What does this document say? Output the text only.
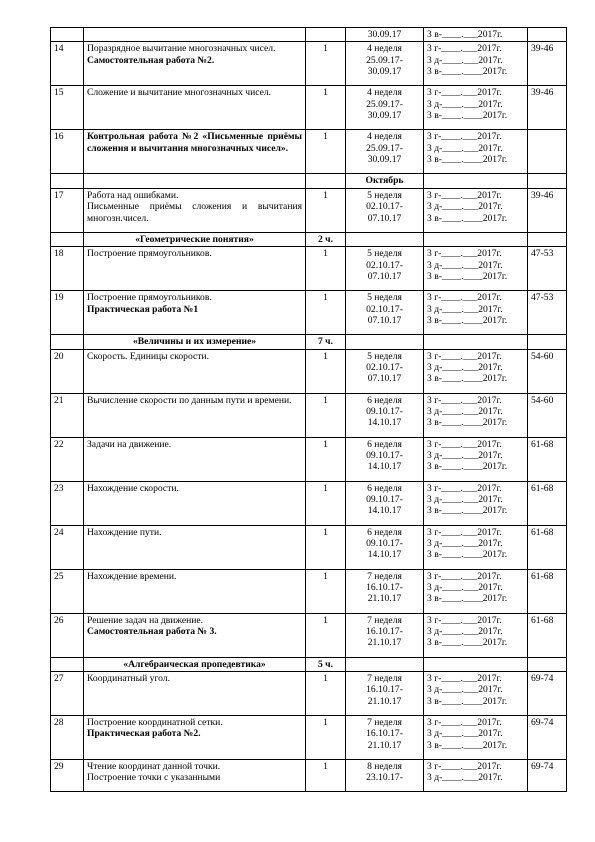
			30.09.17	3 в-____.___2017г.	

14	Поразрядное вычитание многозначных чисел.
Самостоятельная работа №2.	1	4 неделя
25.09.17-
30.09.17	3 г-____.___2017г.
3 д-____.___2017г.
3 в-____.____2017г.	39-46
15	Сложение и вычитание многозначных чисел.	1	4 неделя
25.09.17-
30.09.17	3 г-____.___2017г.
3 д-____.___2017г.
3 в-____.____2017г.	39-46
16	Контрольная работа №2 «Письменные приёмы сложения и вычитания многозначных чисел».	1	4 неделя
25.09.17-
30.09.17	3 г-____.___2017г.
3 д-____.___2017г.
3 в-____.____2017г.	

			Октябрь		

17	Работа над ошибками.
Письменные приёмы сложения и вычитания многозн.чисел.	1	5 неделя
02.10.17-
07.10.17	3 г-____.___2017г.
3 д-____.___2017г.
3 в-____.____2017г.	39-46

	«Геометрические понятия»	2 ч.			
18	Построение прямоугольников.	1	5 неделя
02.10.17-
07.10.17	3 г-____.___2017г.
3 д-____.___2017г.
3 в-____.____2017г.	47-53
19	Построение прямоугольников.
Практическая работа №1	1	5 неделя
02.10.17-
07.10.17	3 г-____.___2017г.
3 д-____.___2017г.
3 в-____.____2017г.	47-53

	«Величины и их измерение»	7 ч.			
20	Скорость. Единицы скорости.	1	5 неделя
02.10.17-
07.10.17	3 г-____.___2017г.
3 д-____.___2017г.
3 в-____.____2017г.	54-60
21	Вычисление скорости по данным пути и времени.	1	6 неделя
09.10.17-
14.10.17	3 г-____.___2017г.
3 д-____.___2017г.
3 в-____.____2017г.	54-60
22	Задачи на движение.	1	6 неделя
09.10.17-
14.10.17	3 г-____.___2017г.
3 д-____.___2017г.
3 в-____.____2017г.	61-68
23	Нахождение скорости.	1	6 неделя
09.10.17-
14.10.17	3 г-____.___2017г.
3 д-____.___2017г.
3 в-____.____2017г.	61-68
24	Нахождение пути.	1	6 неделя
09.10.17-
14.10.17	3 г-____.___2017г.
3 д-____.___2017г.
3 в-____.____2017г.	61-68
25	Нахождение времени.	1	7 неделя
16.10.17-
21.10.17	3 г-____.___2017г.
3 д-____.___2017г.
3 в-____.____2017г.	61-68
26	Решение задач на движение.
Самостоятельная работа № 3.	1	7 неделя
16.10.17-
21.10.17	3 г-____.___2017г.
3 д-____.___2017г.
3 в-____.____2017г.	61-68

	«Алгебраическая пропедевтика»	5 ч.			
27	Координатный угол.	1	7 неделя
16.10.17-
21.10.17	3 г-____.___2017г.
3 д-____.___2017г.
3 в-____.____2017г.	69-74
28	Построение координатной сетки.
Практическая работа №2.	1	7 неделя
16.10.17-
21.10.17	3 г-____.___2017г.
3 д-____.___2017г.
3 в-____.____2017г.	69-74
29	Чтение координат данной точки.
Построение точки с указанными	1	8 неделя
23.10.17-	3 г-____.___2017г.
3 д-____.___2017г.	69-74
